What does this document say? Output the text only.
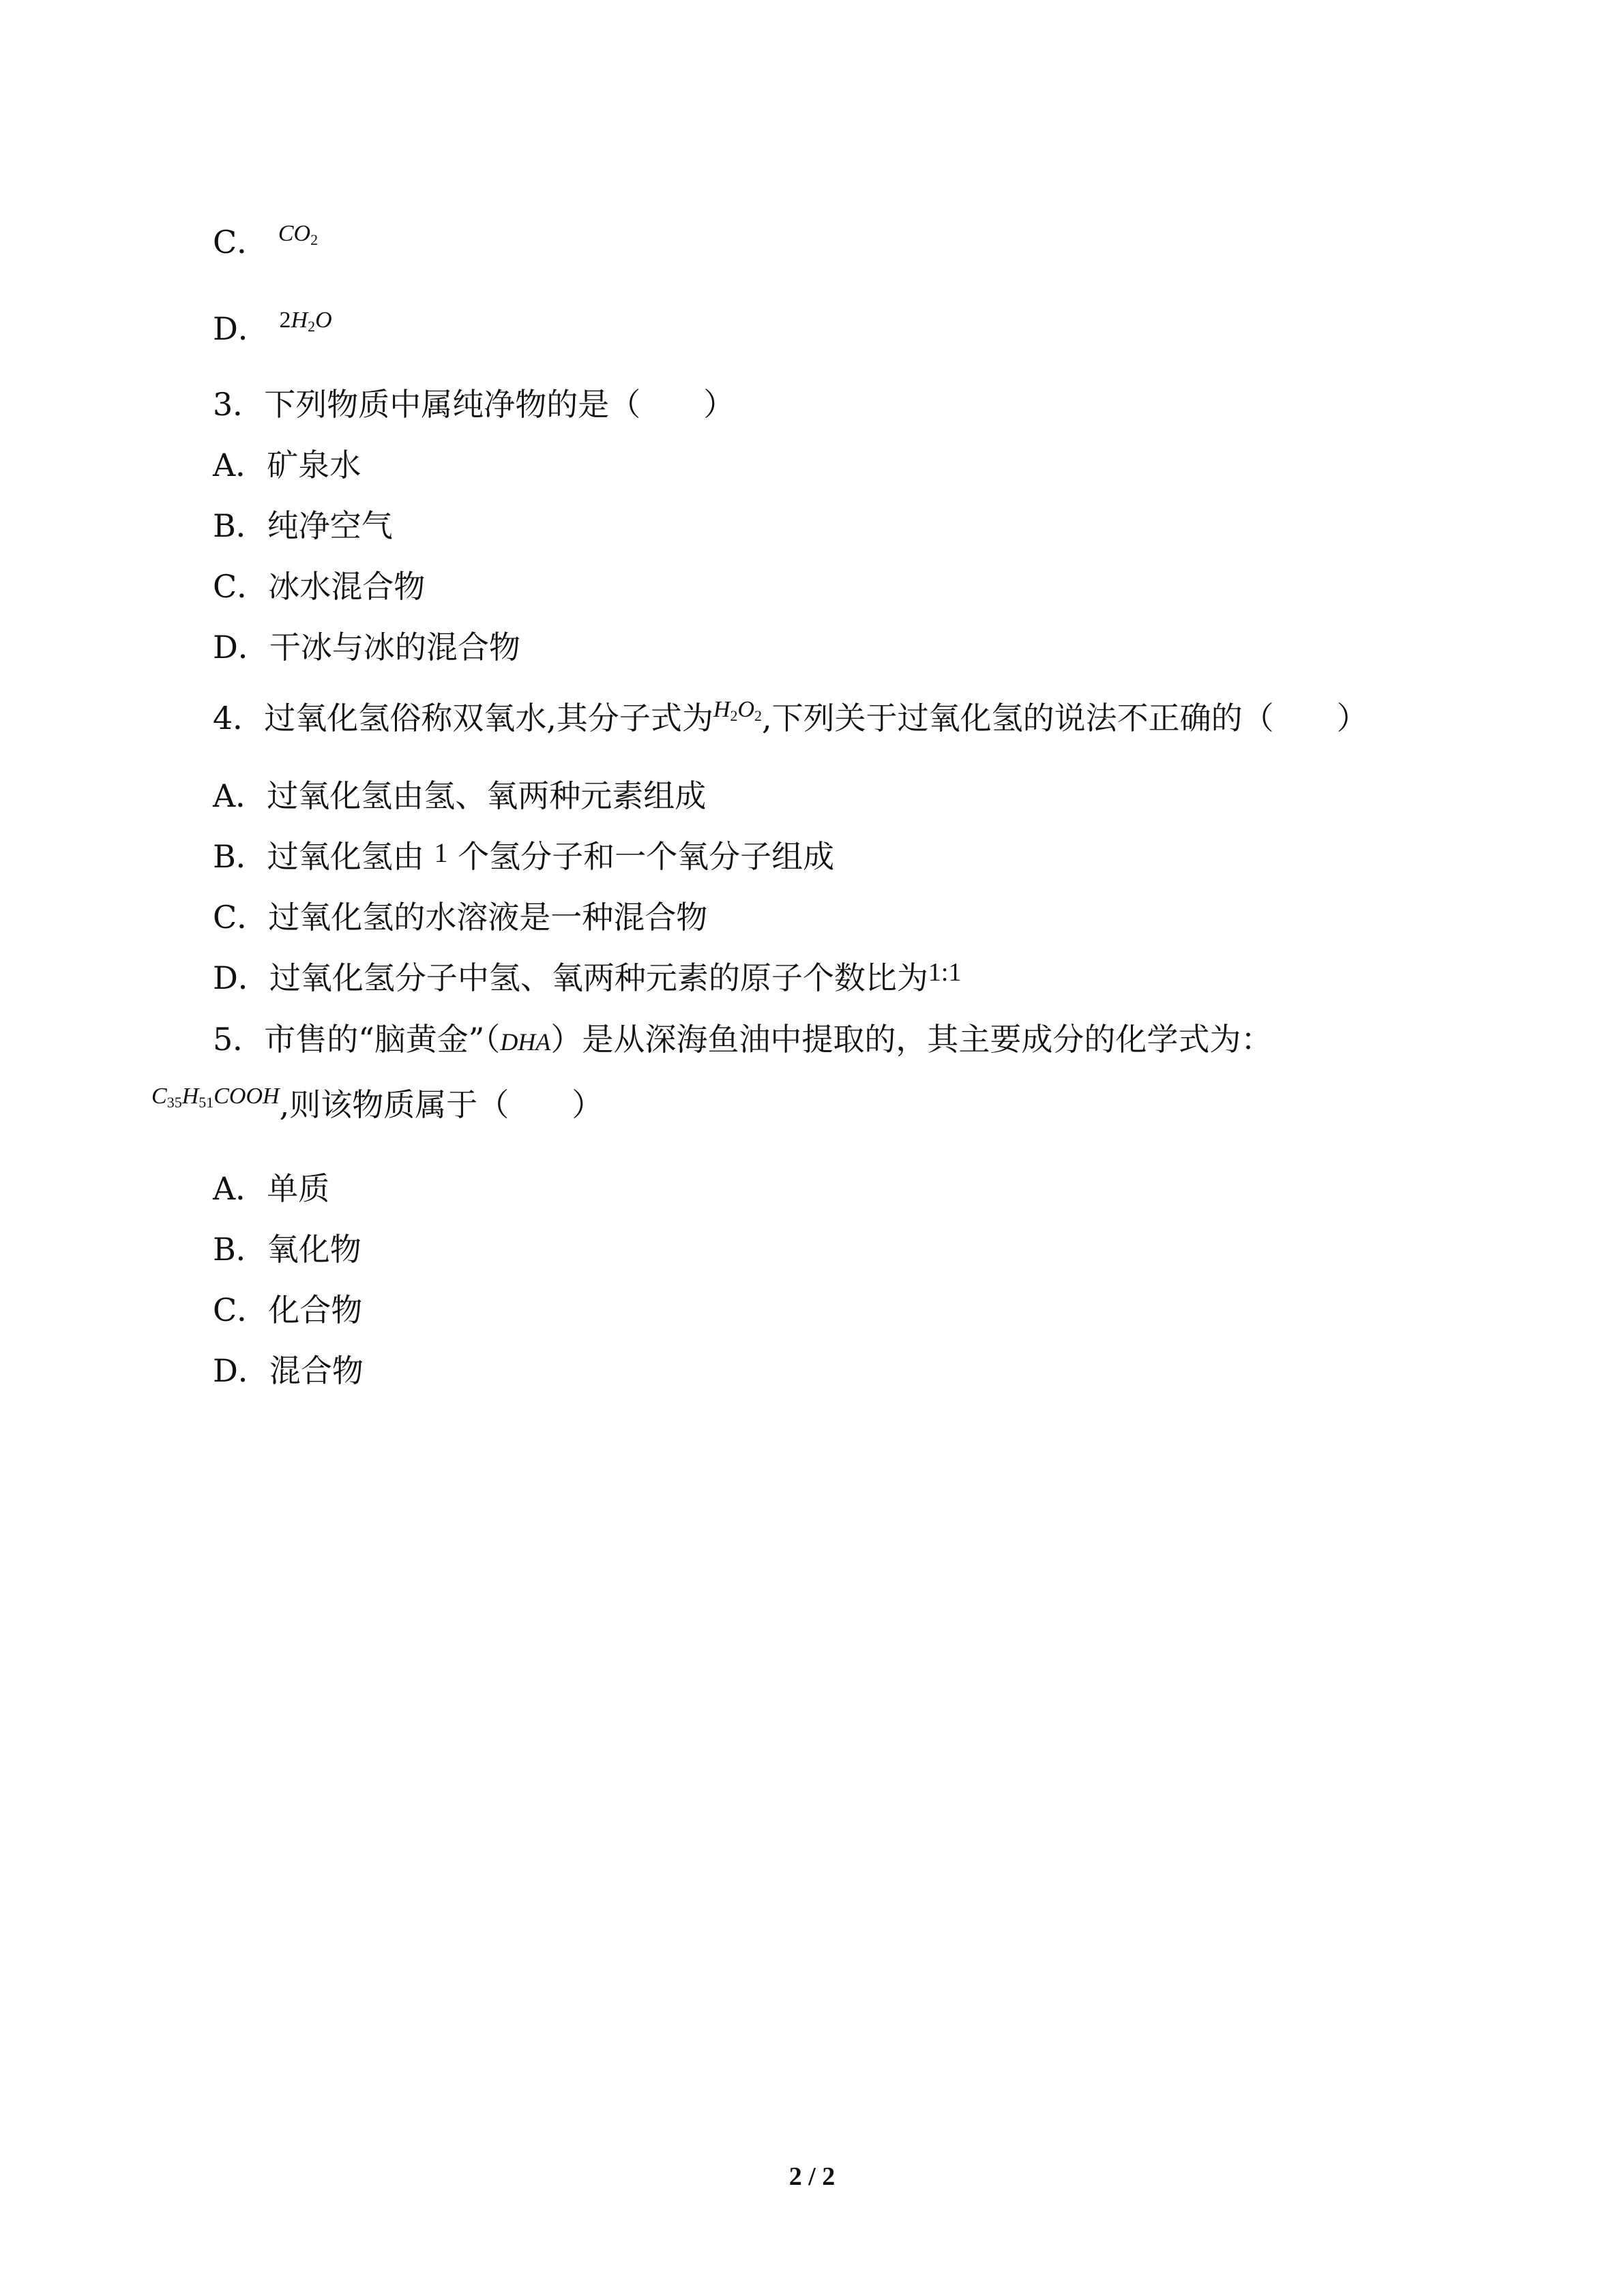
C． $^{CO_2}$
D． $^{2H_2O}$
3．下列物质中属纯净物的是（　　）
A．矿泉水
B．纯净空气
C．冰水混合物
D．干冰与冰的混合物
4．过氧化氢俗称双氧水,其分子式为$^{H_2O_2}$,下列关于过氧化氢的说法不正确的（　　）
A．过氧化氢由氢、氧两种元素组成
B．过氧化氢由 1 个氢分子和一个氧分子组成
C．过氧化氢的水溶液是一种混合物
D．过氧化氢分子中氢、氧两种元素的原子个数比为$^{1:1}$
5．市售的“脑黄金”（DHA）是从深海鱼油中提取的，其主要成分的化学式为：
$^{C_{35}H_{51}COOH}$,则该物质属于（　　）
A．单质
B．氧化物
C．化合物
D．混合物
2 / 2
